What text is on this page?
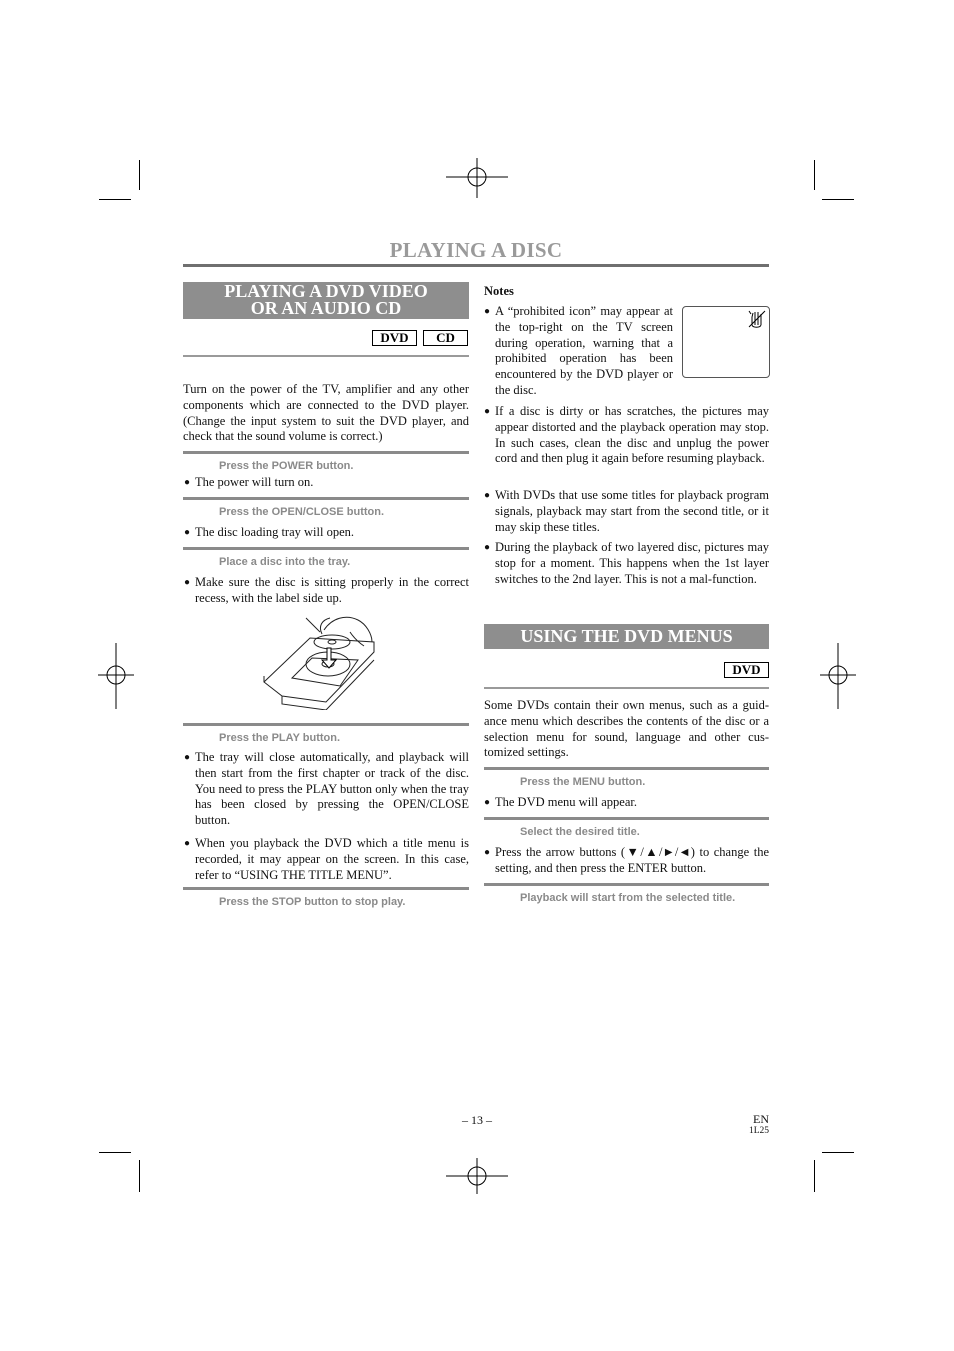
PLAYING A DISC
PLAYING A DVD VIDEO
OR AN AUDIO CD
DVD	CD
Turn on the power of the TV, amplifier and any other components which are connected to the DVD player. (Change the input system to suit the DVD player, and check that the sound volume is correct.)
Press the POWER button.
● The power will turn on.
Press the OPEN/CLOSE button.
● The disc loading tray will open.
Place a disc into the tray.
● Make sure the disc is sitting properly in the correct recess, with the label side up.
Press the PLAY button.
● The tray will close automatically, and playback will then start from the first chapter or track of the disc. You need to press the PLAY button only when the tray has been closed by pressing the OPEN/CLOSE button.
● When you playback the DVD which a title menu is recorded, it may appear on the screen. In this case, refer to “USING THE TITLE MENU”.
Press the STOP button to stop play.
Notes
● A “prohibited icon” may appear at the top-right on the TV screen during operation, warning that a prohibited operation has been encountered by the DVD player or the disc.
● If a disc is dirty or has scratches, the pictures may appear distorted and the playback operation may stop. In such cases, clean the disc and unplug the power cord and then plug it again before resuming playback.
● With DVDs that use some titles for playback program signals, playback may start from the second title, or it may skip these titles.
● During the playback of two layered disc, pictures may stop for a moment. This happens when the 1st layer switches to the 2nd layer. This is not a mal-function.
USING THE DVD MENUS
DVD
Some DVDs contain their own menus, such as a guid-ance menu which describes the contents of the disc or a selection menu for sound, language and other cus-tomized settings.
Press the MENU button.
● The DVD menu will appear.
Select the desired title.
● Press the arrow buttons (▼/▲/►/◄) to change the setting, and then press the ENTER button.
Playback will start from the selected title.
– 13 –	EN
1L25
